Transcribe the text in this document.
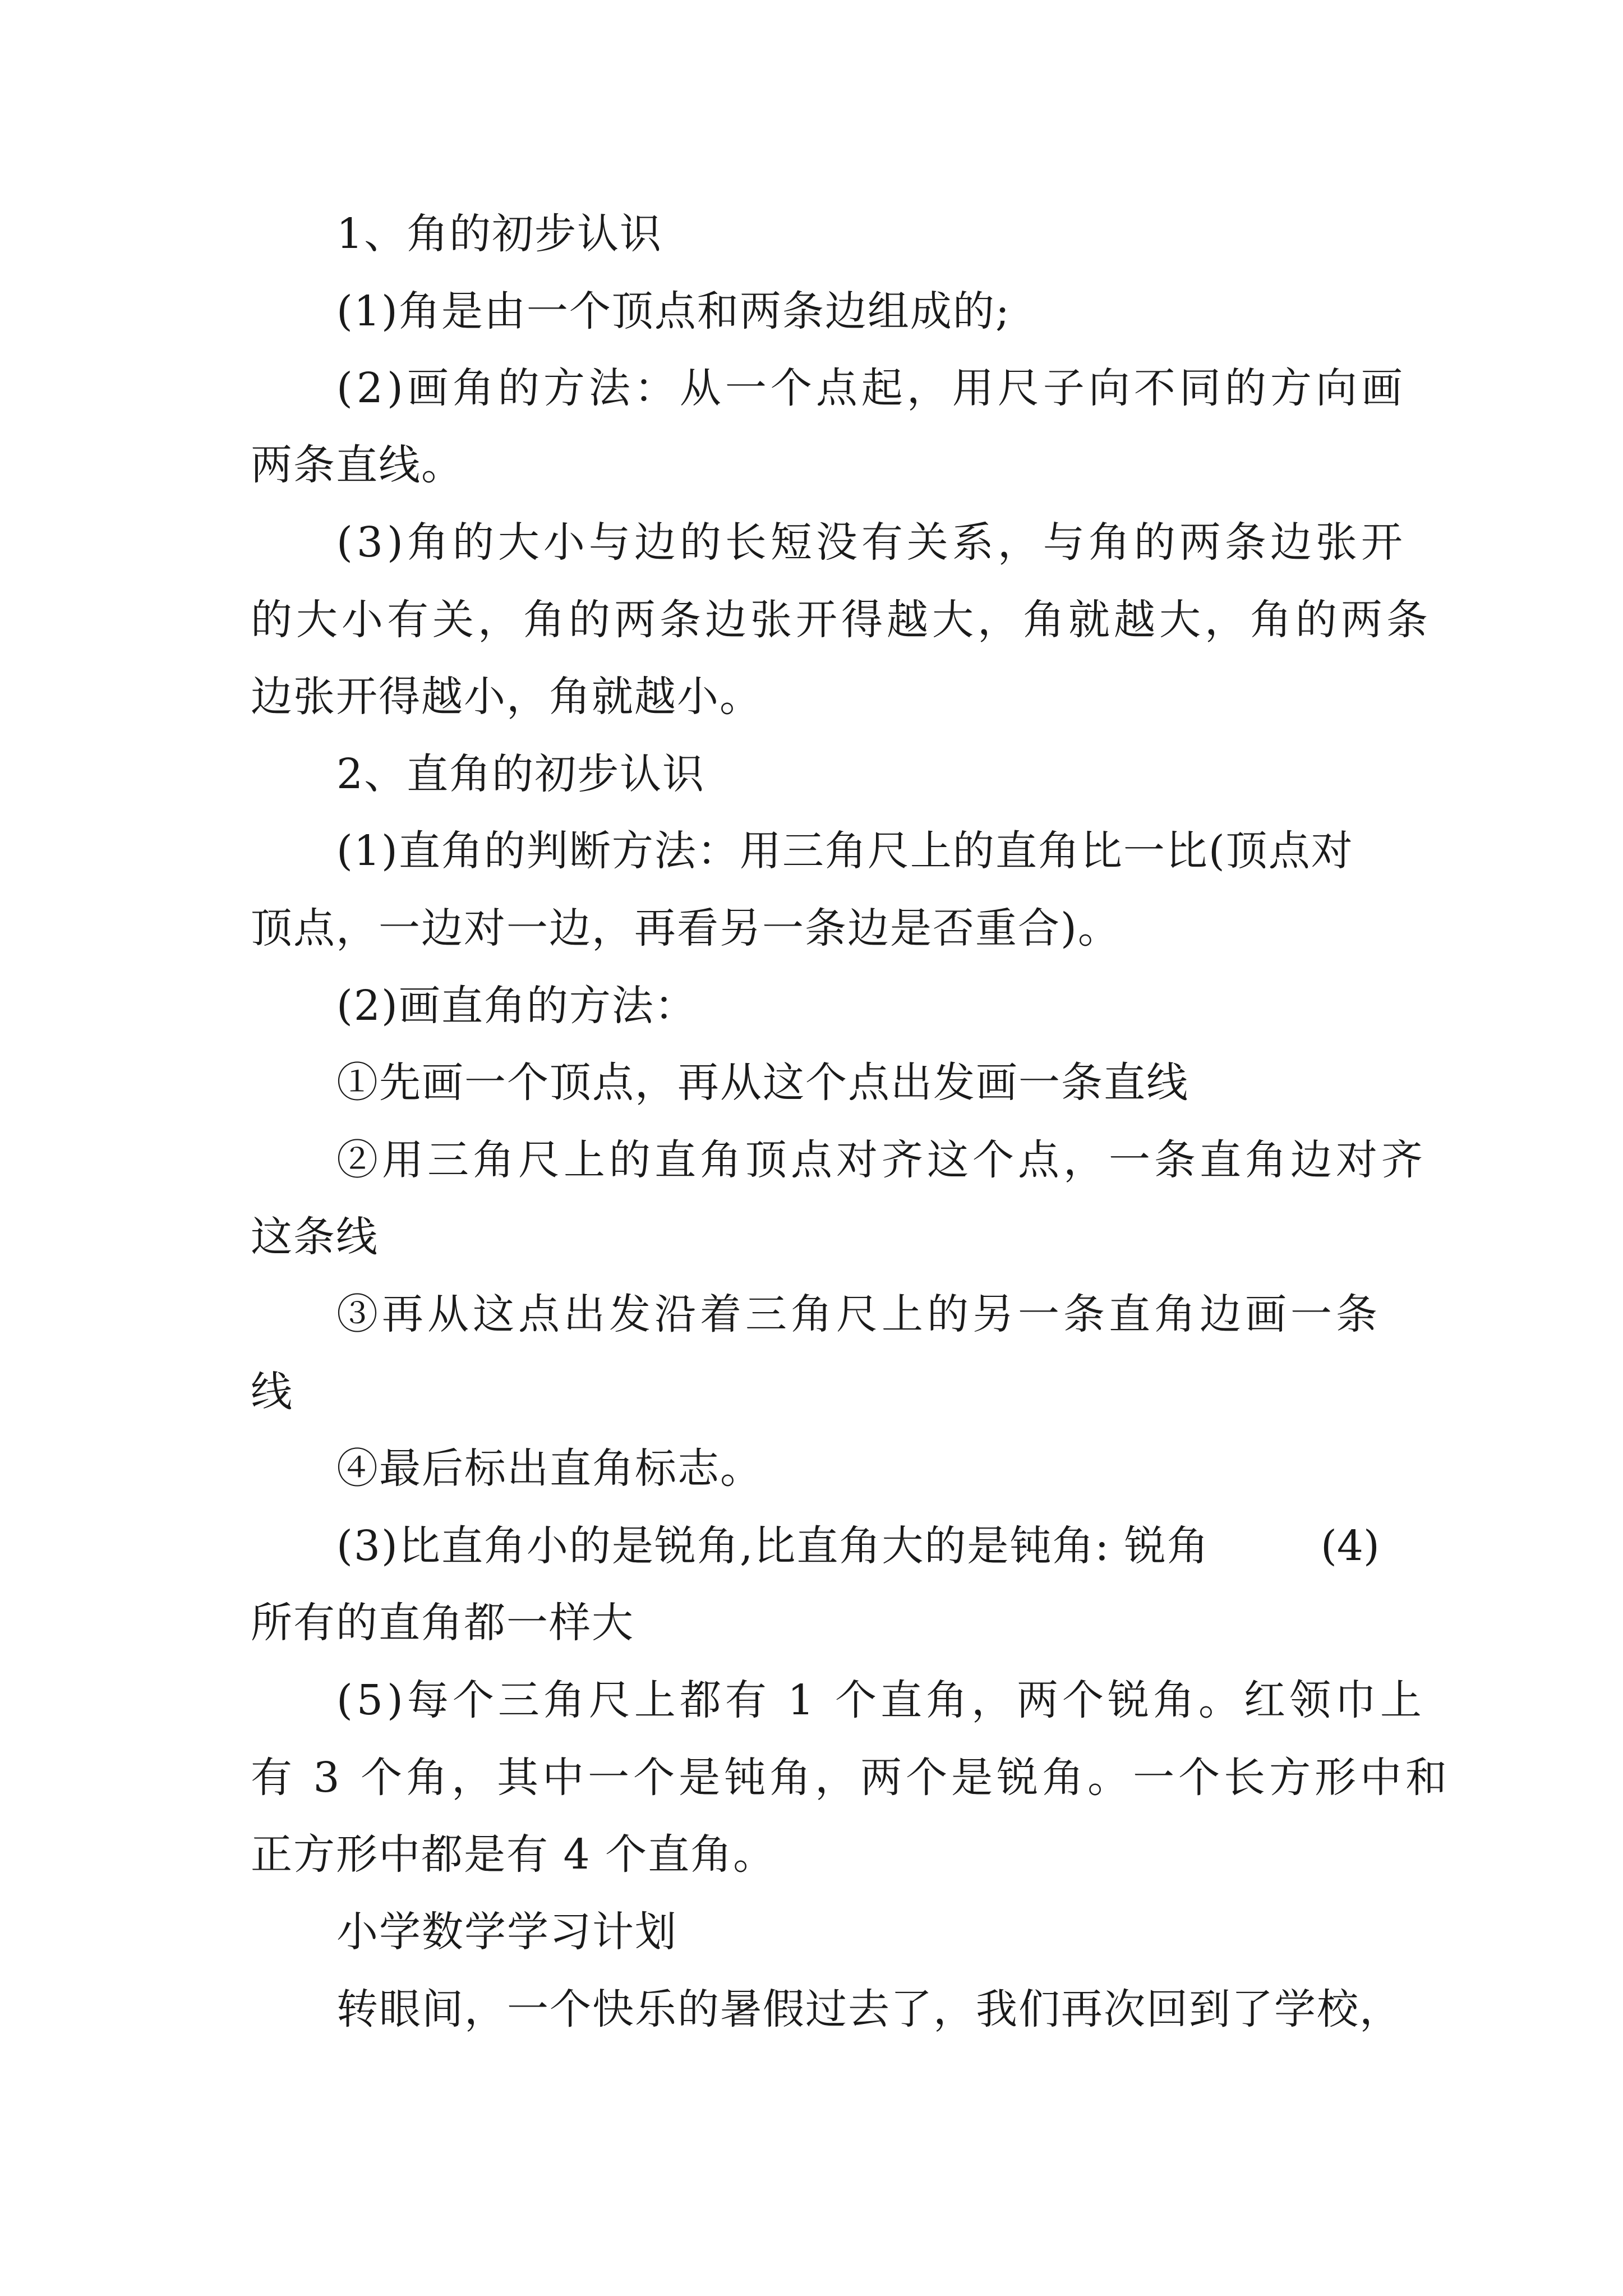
1、角的初步认识
(1)角是由一个顶点和两条边组成的;
(2)画角的方法：从一个点起，用尺子向不同的方向画
两条直线。
(3)角的大小与边的长短没有关系，与角的两条边张开
的大小有关，角的两条边张开得越大，角就越大，角的两条
边张开得越小，角就越小。
2、直角的初步认识
(1)直角的判断方法：用三角尺上的直角比一比(顶点对
顶点，一边对一边，再看另一条边是否重合)。
(2)画直角的方法：
①先画一个顶点，再从这个点出发画一条直线
②用三角尺上的直角顶点对齐这个点，一条直角边对齐
这条线
③再从这点出发沿着三角尺上的另一条直角边画一条
线
④最后标出直角标志。
(3)比直角小的是锐角,比直角大的是钝角: 锐角	(4)
所有的直角都一样大
(5)每个三角尺上都有 1 个直角，两个锐角。红领巾上
有 3 个角，其中一个是钝角，两个是锐角。一个长方形中和
正方形中都是有 4 个直角。
小学数学学习计划
转眼间，一个快乐的暑假过去了，我们再次回到了学校，
